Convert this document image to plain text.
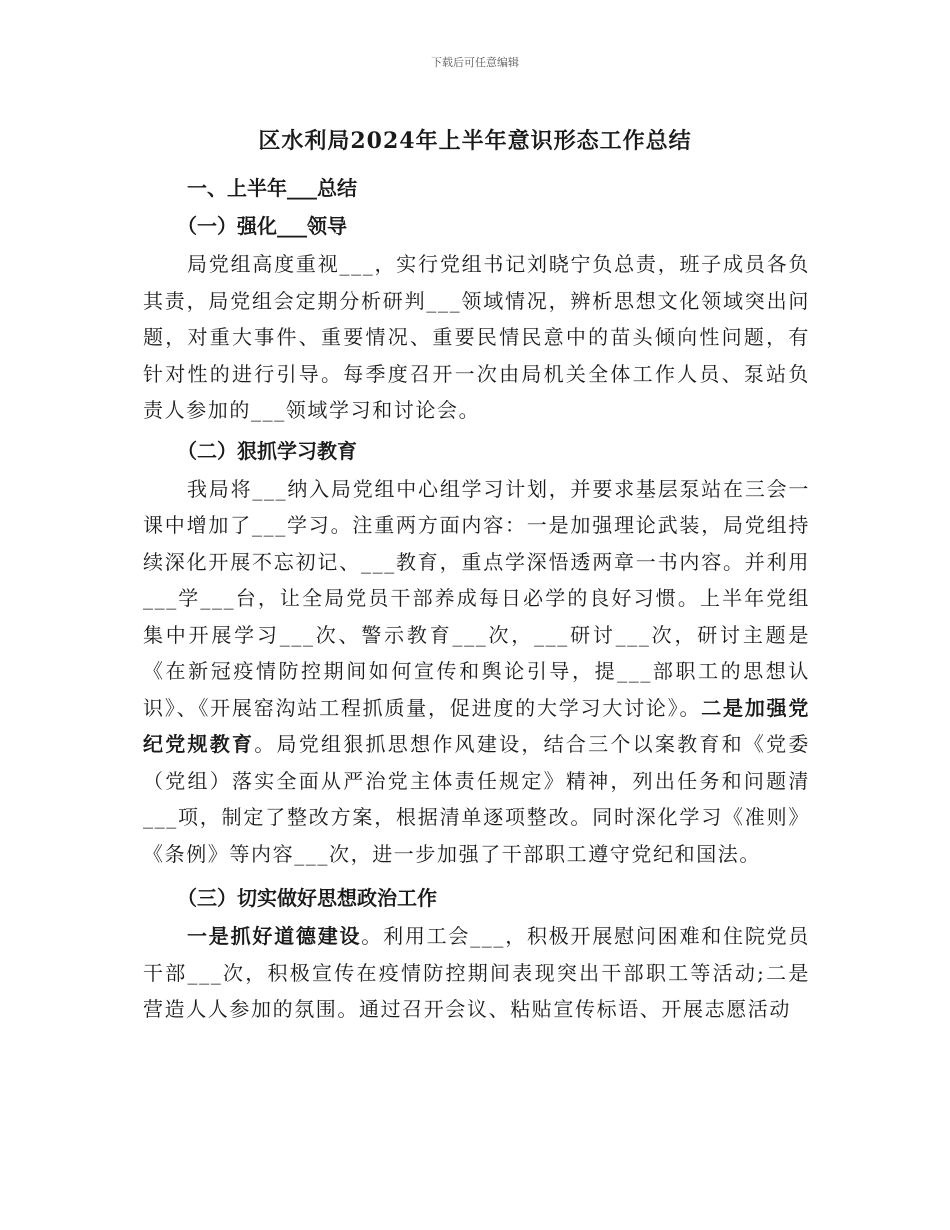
下载后可任意编辑
区水利局2024年上半年意识形态工作总结
一、上半年___总结
（一）强化___领导

局党组高度重视___，实行党组书记刘晓宁负总责，班子成员各负其责，局党组会定期分析研判___领域情况，辨析思想文化领域突出问题，对重大事件、重要情况、重要民情民意中的苗头倾向性问题，有针对性的进行引导。每季度召开一次由局机关全体工作人员、泵站负责人参加的___领域学习和讨论会。

（二）狠抓学习教育

我局将___纳入局党组中心组学习计划，并要求基层泵站在三会一课中增加了___学习。注重两方面内容：一是加强理论武装，局党组持续深化开展不忘初记、___教育，重点学深悟透两章一书内容。并利用___学___台，让全局党员干部养成每日必学的良好习惯。上半年党组集中开展学习___次、警示教育___次，___研讨___次，研讨主题是《在新冠疫情防控期间如何宣传和舆论引导，提___部职工的思想认识》、《开展窑沟站工程抓质量，促进度的大学习大讨论》。二是加强党纪党规教育。局党组狠抓思想作风建设，结合三个以案教育和《党委（党组）落实全面从严治党主体责任规定》精神，列出任务和问题清___项，制定了整改方案，根据清单逐项整改。同时深化学习《准则》《条例》等内容___次，进一步加强了干部职工遵守党纪和国法。

（三）切实做好思想政治工作

一是抓好道德建设。利用工会___，积极开展慰问困难和住院党员干部___次，积极宣传在疫情防控期间表现突出干部职工等活动;二是营造人人参加的氛围。通过召开会议、粘贴宣传标语、开展志愿活动
